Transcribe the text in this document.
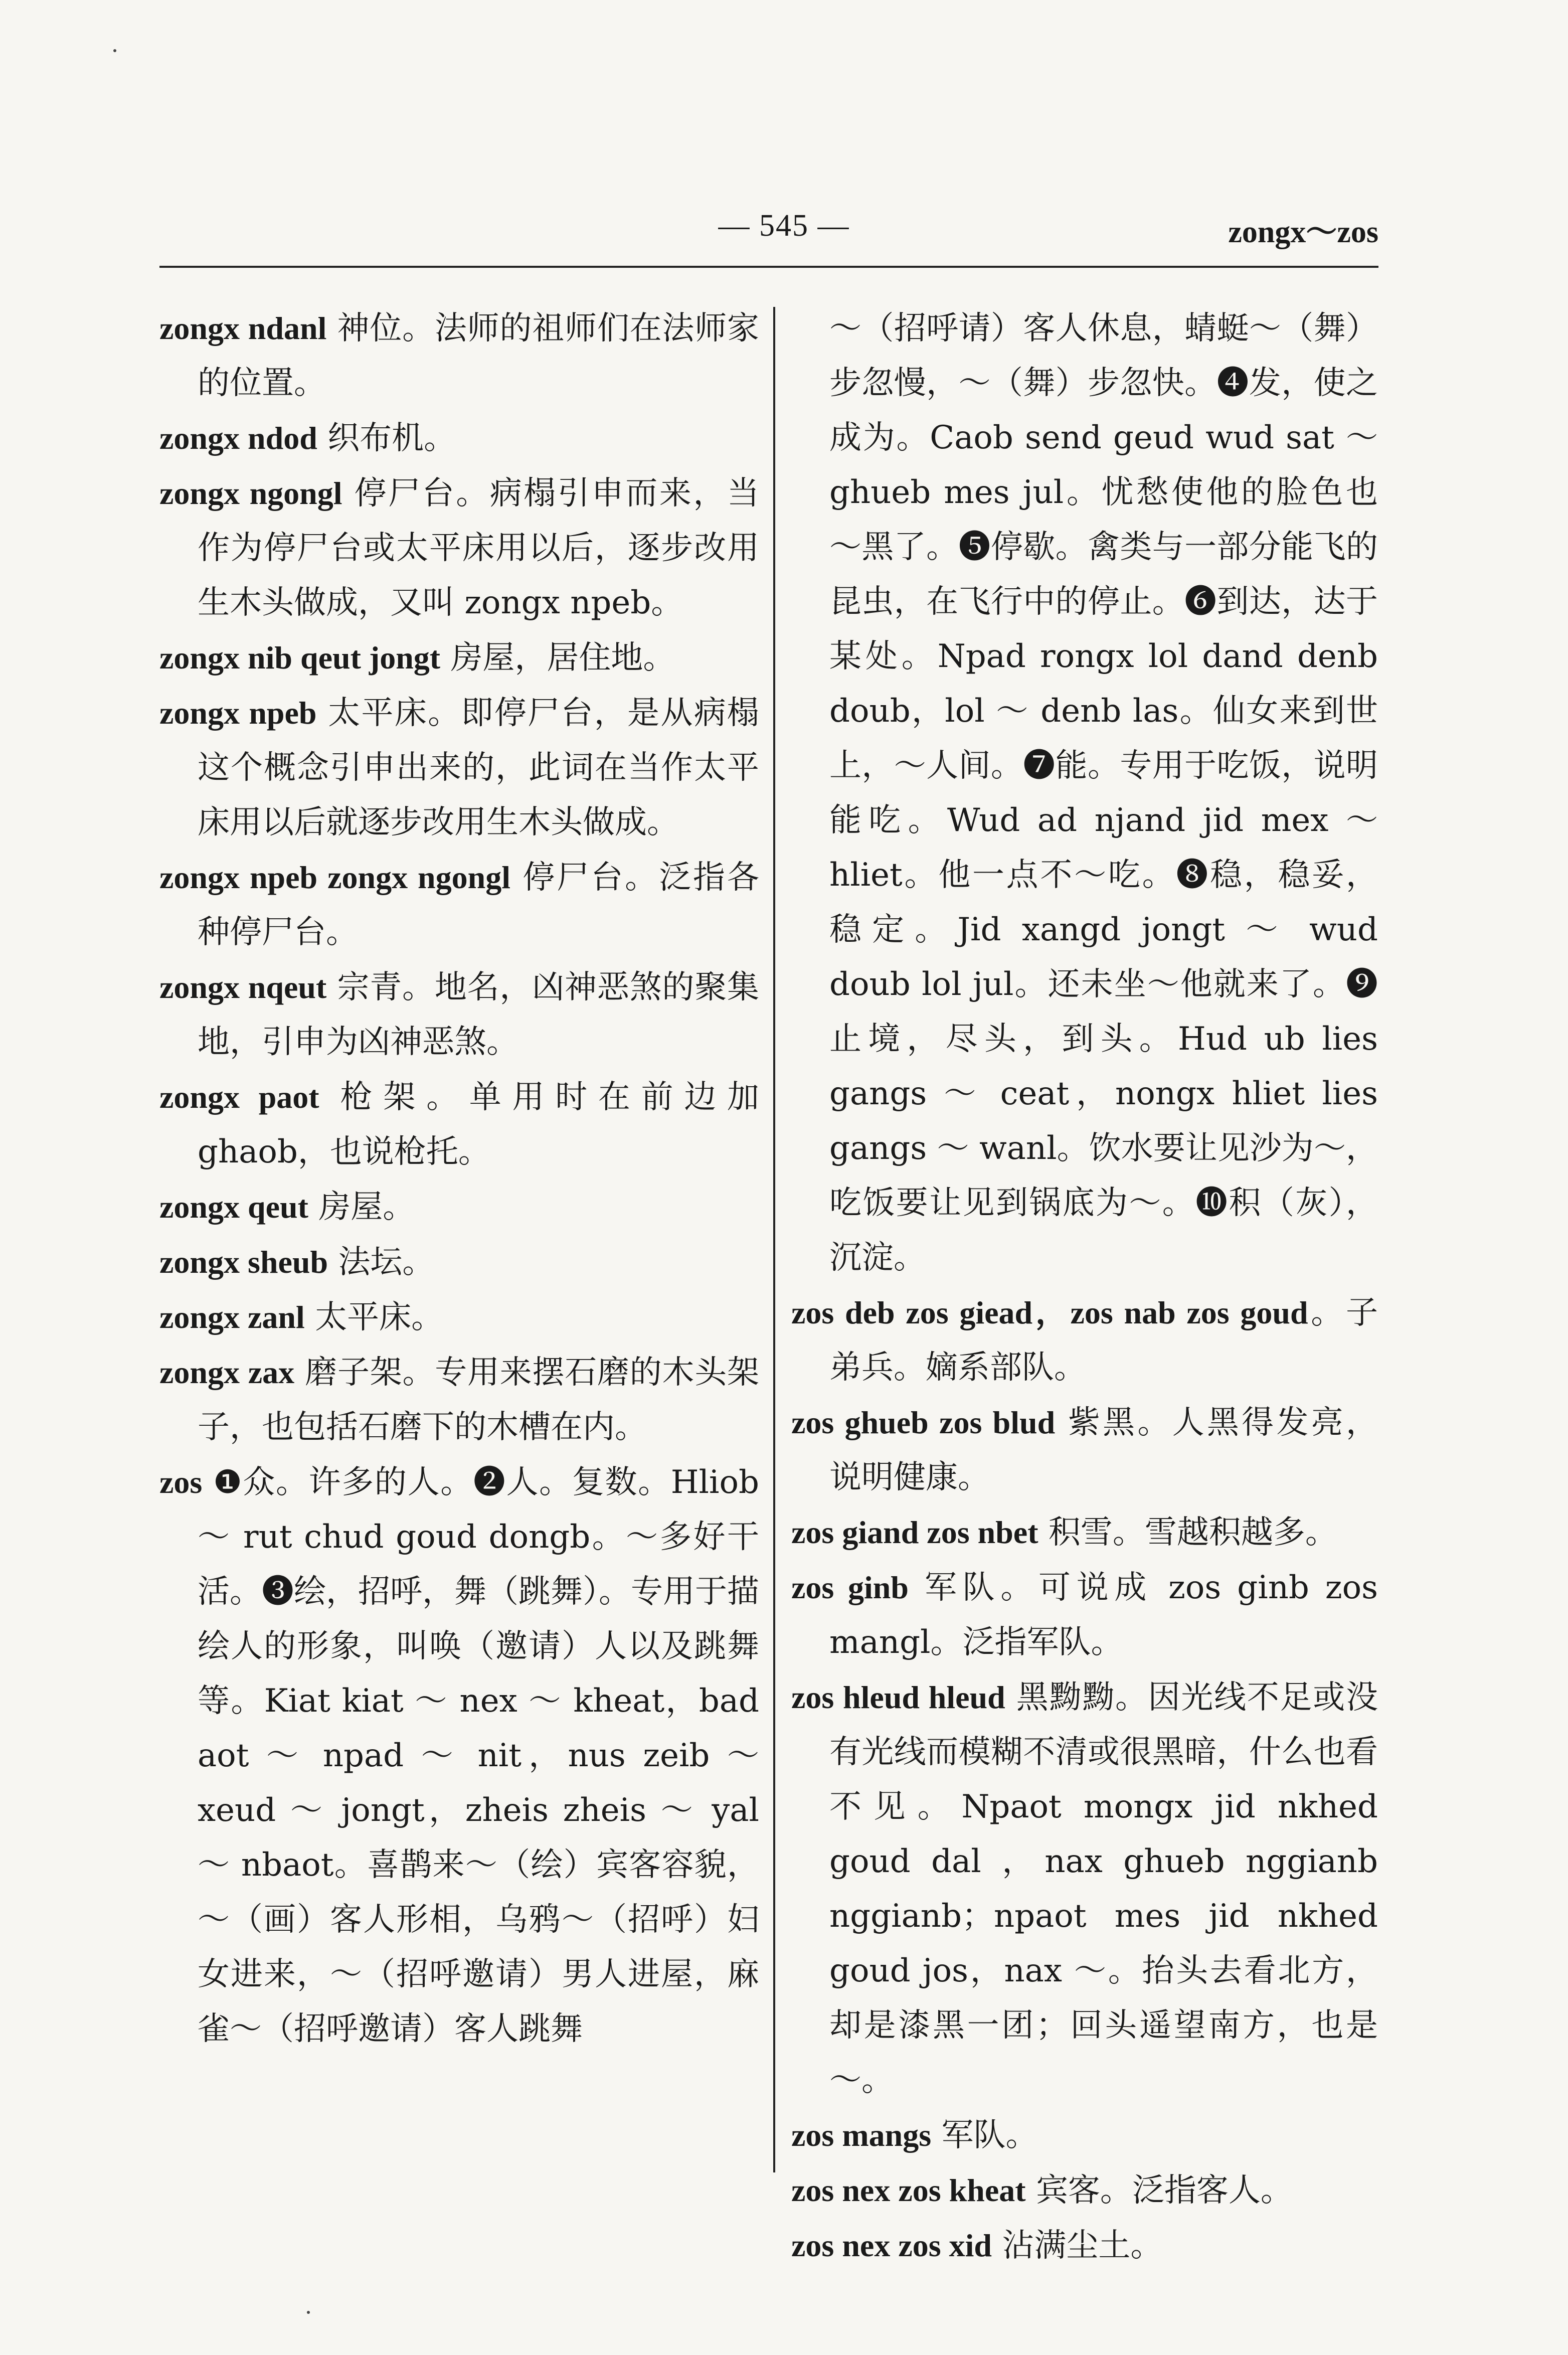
— 545 —	zongx～zos

zongx ndanl 神位。法师的祖师们在法师家的位置。

zongx ndod 织布机。

zongx ngongl 停尸台。病榻引申而来，当作为停尸台或太平床用以后，逐步改用生木头做成，又叫 zongx npeb。

zongx nib qeut jongt 房屋，居住地。

zongx npeb 太平床。即停尸台，是从病榻这个概念引申出来的，此词在当作太平床用以后就逐步改用生木头做成。

zongx npeb zongx ngongl 停尸台。泛指各种停尸台。

zongx nqeut 宗青。地名，凶神恶煞的聚集地，引申为凶神恶煞。

zongx paot 枪架。单用时在前边加 ghaob，也说枪托。

zongx qeut 房屋。

zongx sheub 法坛。

zongx zanl 太平床。

zongx zax 磨子架。专用来摆石磨的木头架子，也包括石磨下的木槽在内。

zos ❶众。许多的人。❷人。复数。Hliob ～ rut chud goud dongb。～多好干活。❸绘，招呼，舞（跳舞）。专用于描绘人的形象，叫唤（邀请）人以及跳舞等。Kiat kiat ～ nex ～ kheat，bad aot ～ npad ～ nit，nus zeib ～ xeud ～ jongt，zheis zheis ～ yal ～ nbaot。喜鹊来～（绘）宾客容貌，～（画）客人形相，乌鸦～（招呼）妇女进来，～（招呼邀请）男人进屋，麻雀～（招呼邀请）客人跳舞

～（招呼请）客人休息，蜻蜓～（舞）步忽慢，～（舞）步忽快。❹发，使之成为。Caob send geud wud sat ～ghueb mes jul。忧愁使他的脸色也～黑了。❺停歇。禽类与一部分能飞的昆虫，在飞行中的停止。❻到达，达于某处。Npad rongx lol dand denb doub，lol ～ denb las。仙女来到世上，～人间。❼能。专用于吃饭，说明能吃。Wud ad njand jid mex ～ hliet。他一点不～吃。❽稳，稳妥，稳定。Jid xangd jongt ～ wud doub lol jul。还未坐～他就来了。❾止境，尽头，到头。Hud ub lies gangs ～ ceat，nongx hliet lies gangs ～ wanl。饮水要让见沙为～，吃饭要让见到锅底为～。❿积（灰），沉淀。

zos deb zos giead，zos nab zos goud。子弟兵。嫡系部队。

zos ghueb zos blud 紫黑。人黑得发亮，说明健康。

zos giand zos nbet 积雪。雪越积越多。

zos ginb 军队。可说成 zos ginb zos mangl。泛指军队。

zos hleud hleud 黑黝黝。因光线不足或没有光线而模糊不清或很黑暗，什么也看不见。Npaot mongx jid nkhed goud dal ，nax ghueb nggianb nggianb；npaot mes jid nkhed goud jos，nax ～。抬头去看北方，却是漆黑一团；回头遥望南方，也是～。

zos mangs 军队。

zos nex zos kheat 宾客。泛指客人。

zos nex zos xid 沾满尘土。
